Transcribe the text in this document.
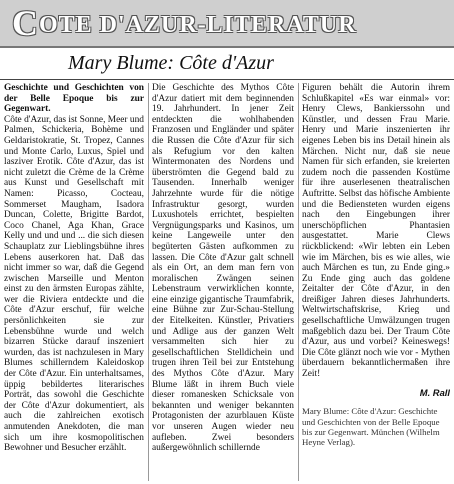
COTE D'AZUR-LITERATUR
Mary Blume: Côte d'Azur

Geschichte und Geschichten von der Belle Epoque bis zur Gegenwart.

Côte d'Azur, das ist Sonne, Meer und Palmen, Schickeria, Bohème und Geldaristokratie, St. Tropez, Cannes und Monte Carlo, Luxus, Spiel und lasziver Erotik. Côte d'Azur, das ist nicht zuletzt die Crème de la Crème aus Kunst und Gesellschaft mit Namen: Picasso, Cocteau, Sommerset Maugham, Isadora Duncan, Colette, Brigitte Bardot, Coco Chanel, Aga Khan, Grace Kelly und und und ... die sich diesen Schauplatz zur Lieblingsbühne ihres Lebens auserkoren hat. Daß das nicht immer so war, daß die Gegend zwischen Marseille und Menton einst zu den ärmsten Europas zählte, wer die Riviera entdeckte und die Côte d'Azur erschuf, für welche persönlichkeiten sie zur Lebensbühne wurde und welch bizarren Stücke darauf inszeniert wurden, das ist nachzulesen in Mary Blumes schillerndem Kaleidoskop der Côte d'Azur. Ein unterhaltsames, üppig bebildertes literarisches Porträt, das sowohl die Geschichte der Côte d'Azur dokumentiert, als auch die zahlreichen exotisch anmutenden Anekdoten, die man sich um ihre kosmopolitischen Bewohner und Besucher erzählt.

Die Geschichte des Mythos Côte d'Azur datiert mit dem beginnenden 19. Jahrhundert. In jener Zeit entdeckten die wohlhabenden Franzosen und Engländer und später die Russen die Côte d'Azur für sich als Refugium vor den kalten Wintermonaten des Nordens und überströmten die Gegend bald zu Tausenden. Innerhalb weniger Jahrzehnte wurde für die nötige Infrastruktur gesorgt, wurden Luxushotels errichtet, bespielten Vergnügungsparks und Kasinos, um keine Langeweile unter den begüterten Gästen aufkommen zu lassen. Die Côte d'Azur galt schnell als ein Ort, an dem man fern von moralischen Zwängen seinen Lebenstraum verwirklichen konnte, eine einzige gigantische Traumfabrik, eine Bühne zur Zur-Schau-Stellung der Eitelkeiten. Künstler, Privatiers und Adlige aus der ganzen Welt versammelten sich hier zu gesellschaftlichen Stelldichein und trugen ihren Teil bei zur Entstehung des Mythos Côte d'Azur. Mary Blume läßt in ihrem Buch viele dieser romanesken Schicksale von bekannten und weniger bekannten Protagonisten der azurblauen Küste vor unseren Augen wieder neu aufleben. Zwei besonders außergewöhnlich schillernde

Figuren behält die Autorin ihrem Schlußkapitel «Es war einmal» vor: Henry Clews, Bankierssohn und Künstler, und dessen Frau Marie. Henry und Marie inszenierten ihr eigenes Leben bis ins Detail hinein als Märchen. Nicht nur, daß sie neue Namen für sich erfanden, sie kreierten zudem noch die passenden Kostüme für ihre auserlesenen theatralischen Auftritte. Selbst das höfische Ambiente und die Bediensteten wurden eigens nach den Eingebungen ihrer unerschöpflichen Phantasien ausgestattet. Marie Clews rückblickend: «Wir lebten ein Leben wie im Märchen, bis es wie alles, wie auch Märchen es tun, zu Ende ging.» Zu Ende ging auch das goldene Zeitalter der Côte d'Azur, in den dreißiger Jahren dieses Jahrhunderts. Weltwirtschaftskrise, Krieg und gesellschaftliche Umwälzungen trugen maßgeblich dazu bei. Der Traum Côte d'Azur, aus und vorbei? Keineswegs! Die Côte glänzt noch wie vor - Mythen überdauern bekanntlichermaßen ihre Zeit!

M. Rall

Mary Blume: Côte d'Azur: Geschichte und Geschichten von der Belle Epoque bis zur Gegenwart. München (Wilhelm Heyne Verlag).
